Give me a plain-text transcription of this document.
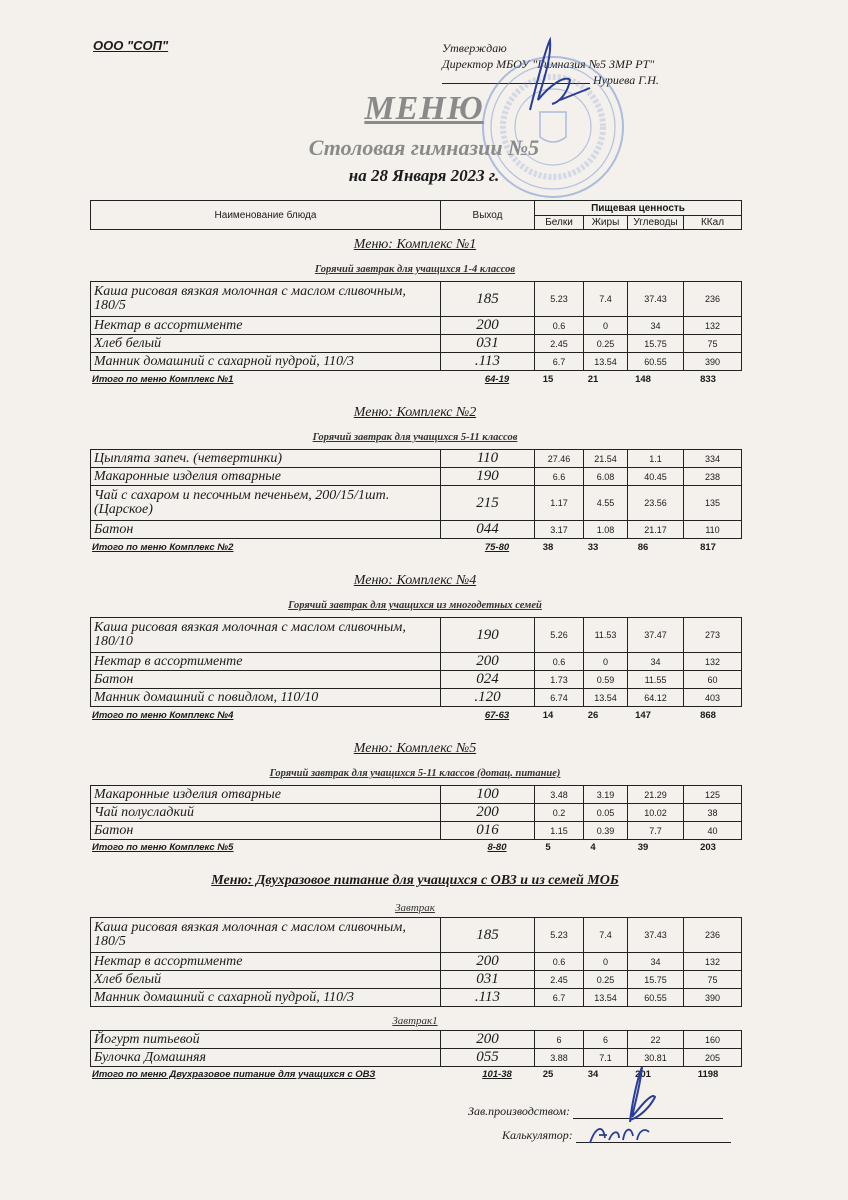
ООО "СОП"	Утверждаю
Директор МБОУ "Гимназия №5 ЗМР РТ"
Нуриева Г.Н.
МЕНЮ
Столовая гимназии №5
на 28 Января 2023 г.
Наименование блюда	Выход	Пищевая ценность			
		Белки	Жиры	Углеводы	ККал
Меню: Комплекс №1
Горячий завтрак для учащихся 1-4 классов
Каша рисовая вязкая молочная с маслом сливочным, 180/5	185	5.23	7.4	37.43	236
Нектар в ассортименте	200	0.6	0	34	132
Хлеб белый	031	2.45	0.25	15.75	75
Манник домашний с сахарной пудрой, 110/3	.113	6.7	13.54	60.55	390
Итого по меню Комплекс №1	64-19	15	21	148	833
Меню: Комплекс №2
Горячий завтрак для учащихся 5-11 классов
Цыплята запеч. (четвертинки)	110	27.46	21.54	1.1	334
Макаронные изделия отварные	190	6.6	6.08	40.45	238
Чай с сахаром и песочным печеньем, 200/15/1шт. (Царское)	215	1.17	4.55	23.56	135
Батон	044	3.17	1.08	21.17	110
Итого по меню Комплекс №2	75-80	38	33	86	817
Меню: Комплекс №4
Горячий завтрак для учащихся из многодетных семей
Каша рисовая вязкая молочная с маслом сливочным, 180/10	190	5.26	11.53	37.47	273
Нектар в ассортименте	200	0.6	0	34	132
Батон	024	1.73	0.59	11.55	60
Манник домашний с повидлом, 110/10	.120	6.74	13.54	64.12	403
Итого по меню Комплекс №4	67-63	14	26	147	868
Меню: Комплекс №5
Горячий завтрак для учащихся 5-11 классов (дотац. питание)
Макаронные изделия отварные	100	3.48	3.19	21.29	125
Чай полусладкий	200	0.2	0.05	10.02	38
Батон	016	1.15	0.39	7.7	40
Итого по меню Комплекс №5	8-80	5	4	39	203
Меню: Двухразовое питание для учащихся с ОВЗ и из семей МОБ
Завтрак
Каша рисовая вязкая молочная с маслом сливочным, 180/5	185	5.23	7.4	37.43	236
Нектар в ассортименте	200	0.6	0	34	132
Хлеб белый	031	2.45	0.25	15.75	75
Манник домашний с сахарной пудрой, 110/3	.113	6.7	13.54	60.55	390
Завтрак1
Йогурт питьевой	200	6	6	22	160
Булочка Домашняя	055	3.88	7.1	30.81	205
Итого по меню Двухразовое питание для учащихся с ОВЗ	101-38	25	34	201	1198
Зав.производством:
Калькулятор:
